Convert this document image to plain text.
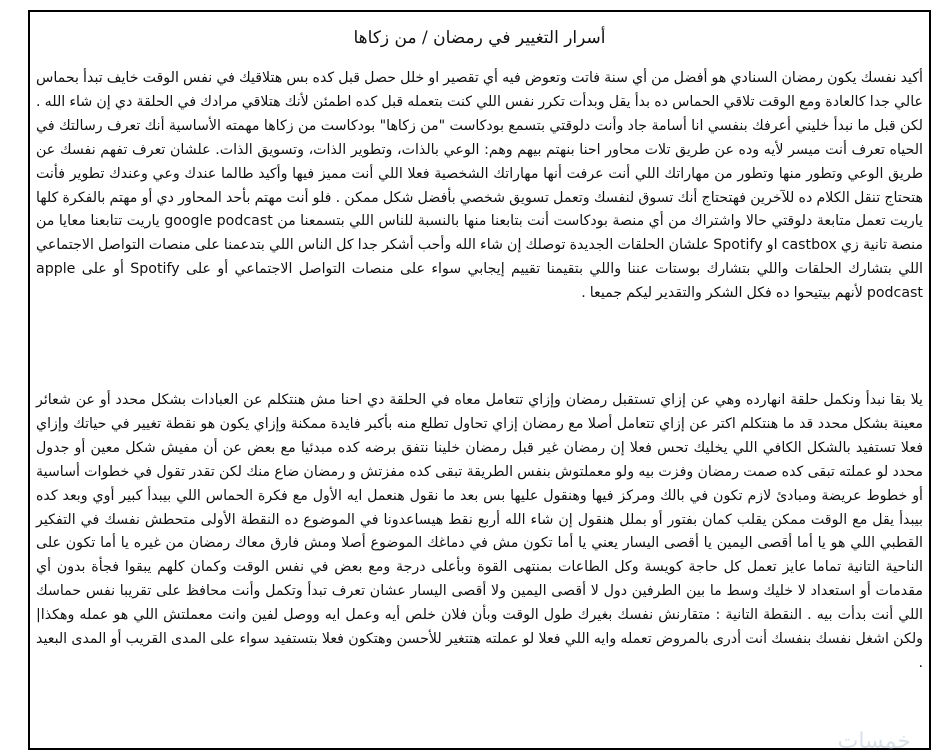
أسرار التغيير في رمضان / من زكاها
أكيد نفسك يكون رمضان السنادي هو أفضل من أي سنة فاتت وتعوض فيه أي تقصير او خلل حصل قبل كده بس هتلاقيك في نفس الوقت خايف تبدأ بحماس عالي جدا كالعادة ومع الوقت تلاقي الحماس ده بدأ يقل وبدأت تكرر نفس اللي كنت بتعمله قبل كده اطمئن لأنك هتلاقي مرادك في الحلقة دي إن شاء الله . لكن قبل ما نبدأ خليني أعرفك بنفسي انا أسامة جاد وأنت دلوقتي بتسمع بودكاست "من زكاها" بودكاست من زكاها مهمته الأساسية أنك تعرف رسالتك في الحياه تعرف أنت ميسر لأيه وده عن طريق تلات محاور احنا بنهتم بيهم وهم: الوعي بالذات، وتطوير الذات، وتسويق الذات. علشان تعرف تفهم نفسك عن طريق الوعي وتطور منها وتطور من مهاراتك اللي أنت عرفت أنها مهاراتك الشخصية فعلا اللي أنت مميز فيها وأكيد طالما عندك وعي وعندك تطوير فأنت هتحتاج تنقل الكلام ده للآخرين فهتحتاج أنك تسوق لنفسك وتعمل تسويق شخصي بأفضل شكل ممكن . فلو أنت مهتم بأحد المحاور دي أو مهتم بالفكرة كلها ياريت تعمل متابعة دلوقتي حالا واشتراك من أي منصة بودكاست أنت بتابعنا منها بالنسبة للناس اللي بتسمعنا من google podcast ياريت تتابعنا معايا من منصة تانية زي castbox او Spotify علشان الحلقات الجديدة توصلك إن شاء الله وأحب أشكر جدا كل الناس اللي بتدعمنا على منصات التواصل الاجتماعي اللي بتشارك الحلقات واللي بتشارك بوستات عننا واللي بتقيمنا تقييم إيجابي سواء على منصات التواصل الاجتماعي أو على Spotify أو على apple podcast لأنهم بيتيحوا ده فكل الشكر والتقدير ليكم جميعا .
يلا بقا نبدأ ونكمل حلقة انهارده وهي عن إزاي تستقبل رمضان وإزاي تتعامل معاه في الحلقة دي احنا مش هنتكلم عن العبادات بشكل محدد أو عن شعائر معينة بشكل محدد قد ما هنتكلم اكتر عن إزاي تتعامل أصلا مع رمضان إزاي تحاول تطلع منه بأكبر فايدة ممكنة وإزاي يكون هو نقطة تغيير في حياتك وإزاي فعلا تستفيد بالشكل الكافي اللي يخليك تحس فعلا إن رمضان غير قبل رمضان خلينا نتفق برضه كده مبدئيا مع بعض عن أن مفيش شكل معين أو جدول محدد لو عملته تبقى كده صمت رمضان وفزت بيه ولو معملتوش بنفس الطريقة تبقى كده مفزتش و رمضان ضاع منك لكن تقدر تقول في خطوات أساسية أو خطوط عريضة ومبادئ لازم تكون في بالك ومركز فيها وهنقول عليها بس بعد ما نقول هنعمل ايه الأول مع فكرة الحماس اللي بيبدأ كبير أوي وبعد كده بيبدأ يقل مع الوقت ممكن يقلب كمان بفتور أو بملل هنقول إن شاء الله أربع نقط هيساعدونا في الموضوع ده النقطة الأولى متحطش نفسك في التفكير القطبي اللي هو يا أما أقصى اليمين يا أقصى اليسار يعني يا أما تكون مش في دماغك الموضوع أصلا ومش فارق معاك رمضان من غيره يا أما تكون على الناحية التانية تماما عايز تعمل كل حاجة كويسة وكل الطاعات بمنتهى القوة وبأعلى درجة ومع بعض في نفس الوقت وكمان كلهم يبقوا فجأة بدون أي مقدمات أو استعداد لا خليك وسط ما بين الطرفين دول لا أقصى اليمين ولا أقصى اليسار عشان تعرف تبدأ وتكمل وأنت محافظ على تقريبا نفس حماسك اللي أنت بدأت بيه . النقطة التانية : متقارنش نفسك بغيرك طول الوقت وبأن فلان خلص أيه وعمل ايه ووصل لفين وانت معملتش اللي هو عمله وهكذا| ولكن اشغل نفسك بنفسك أنت أدرى بالمروض تعمله وايه اللي فعلا لو عملته هتتغير للأحسن وهتكون فعلا بتستفيد سواء على المدى القريب أو المدى البعيد .
خمسات
